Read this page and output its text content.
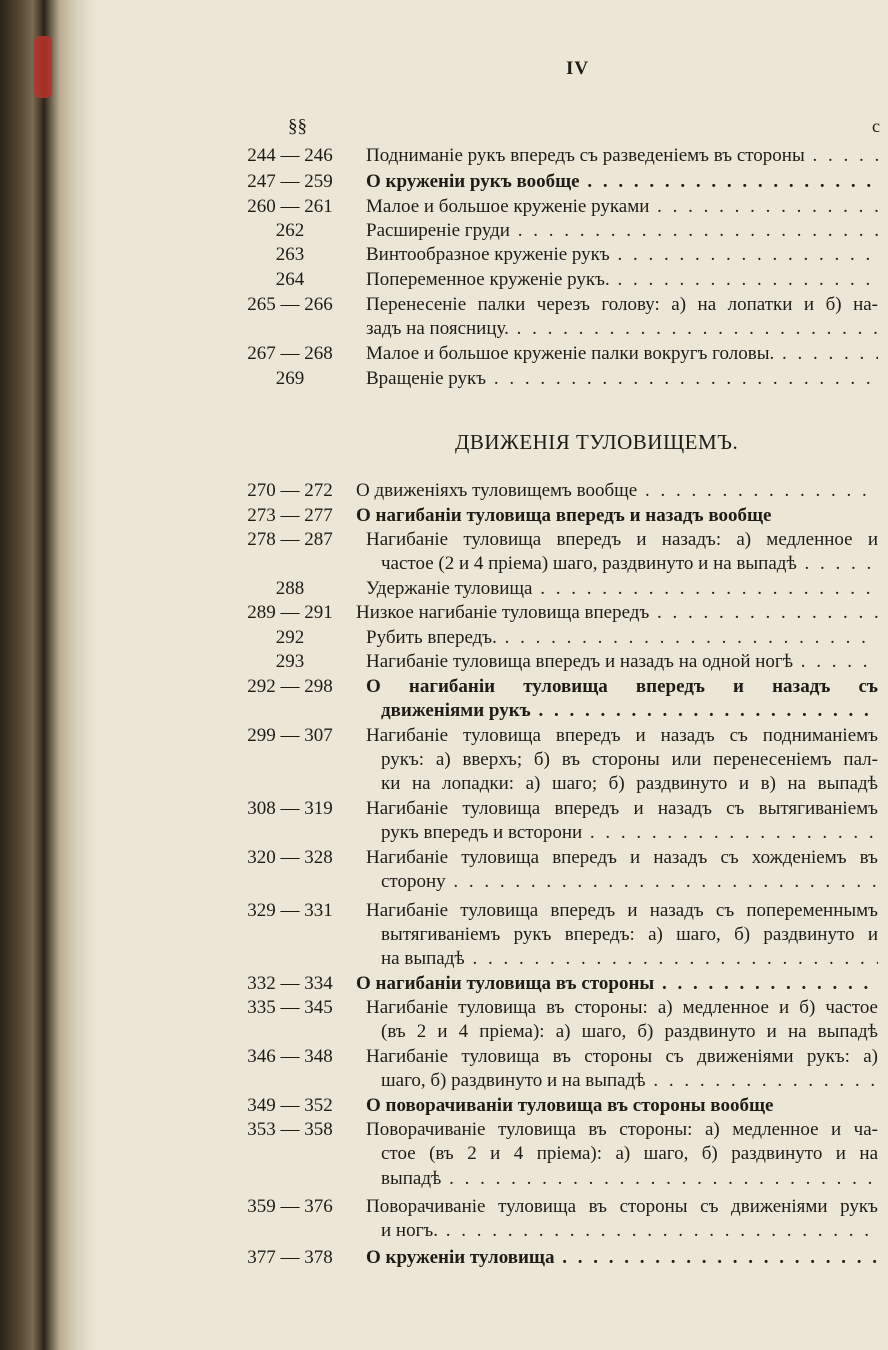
IV
§§	с
244 — 246	Подниманіе рукъ впередъ съ разведеніемъ въ стороны . . .
247 — 259	О круженіи рукъ вообще . . .
260 — 261	Малое и большое круженіе руками . . .
262	Расширеніе груди . . .
263	Винтообразное круженіе рукъ . . .
264	Попеременное круженіе рукъ. . . .
265 — 266	Перенесеніе палки черезъ голову: а) на лопатки и б) на-
задъ на поясницу. . . .
267 — 268	Малое и большое круженіе палки вокругъ головы. . . .
269	Вращеніе рукъ . . .
ДВИЖЕНІЯ ТУЛОВИЩЕМЪ.
270 — 272	О движеніяхъ туловищемъ вообще . . .
273 — 277	О нагибаніи туловища впередъ и назадъ вообще
278 — 287	Нагибаніе туловища впередъ и назадъ: а) медленное и
частое (2 и 4 пріема) шаго, раздвинуто и на выпадѣ . . .
288	Удержаніе туловища . . .
289 — 291	Низкое нагибаніе туловища впередъ . . .
292	Рубить впередъ. . . .
293	Нагибаніе туловища впередъ и назадъ на одной ногѣ . . .
292 — 298	О нагибаніи туловища впередъ и назадъ съ
движеніями рукъ . . .
299 — 307	Нагибаніе туловища впередъ и назадъ съ подниманіемъ
рукъ: а) вверхъ; б) въ стороны или перенесеніемъ пал-
ки на лопадки: а) шаго; б) раздвинуто и в) на выпадѣ
308 — 319	Нагибаніе туловища впередъ и назадъ съ вытягиваніемъ
рукъ впередъ и всторони . . .
320 — 328	Нагибаніе туловища впередъ и назадъ съ хожденіемъ въ
сторону . . .
329 — 331	Нагибаніе туловища впередъ и назадъ съ попеременнымъ
вытягиваніемъ рукъ впередъ: а) шаго, б) раздвинуто и
на выпадѣ . . .
332 — 334	О нагибаніи туловища въ стороны . . .
335 — 345	Нагибаніе туловища въ стороны: а) медленное и б) частое
(въ 2 и 4 пріема): а) шаго, б) раздвинуто и на выпадѣ
346 — 348	Нагибаніе туловища въ стороны съ движеніями рукъ: а)
шаго, б) раздвинуто и на выпадѣ . . .
349 — 352	О поворачиваніи туловища въ стороны вообще
353 — 358	Поворачиваніе туловища въ стороны: а) медленное и ча-
стое (въ 2 и 4 пріема): а) шаго, б) раздвинуто и на
выпадѣ . . .
359 — 376	Поворачиваніе туловища въ стороны съ движеніями рукъ
и ногъ. . . .
377 — 378	О круженіи туловища . . .
